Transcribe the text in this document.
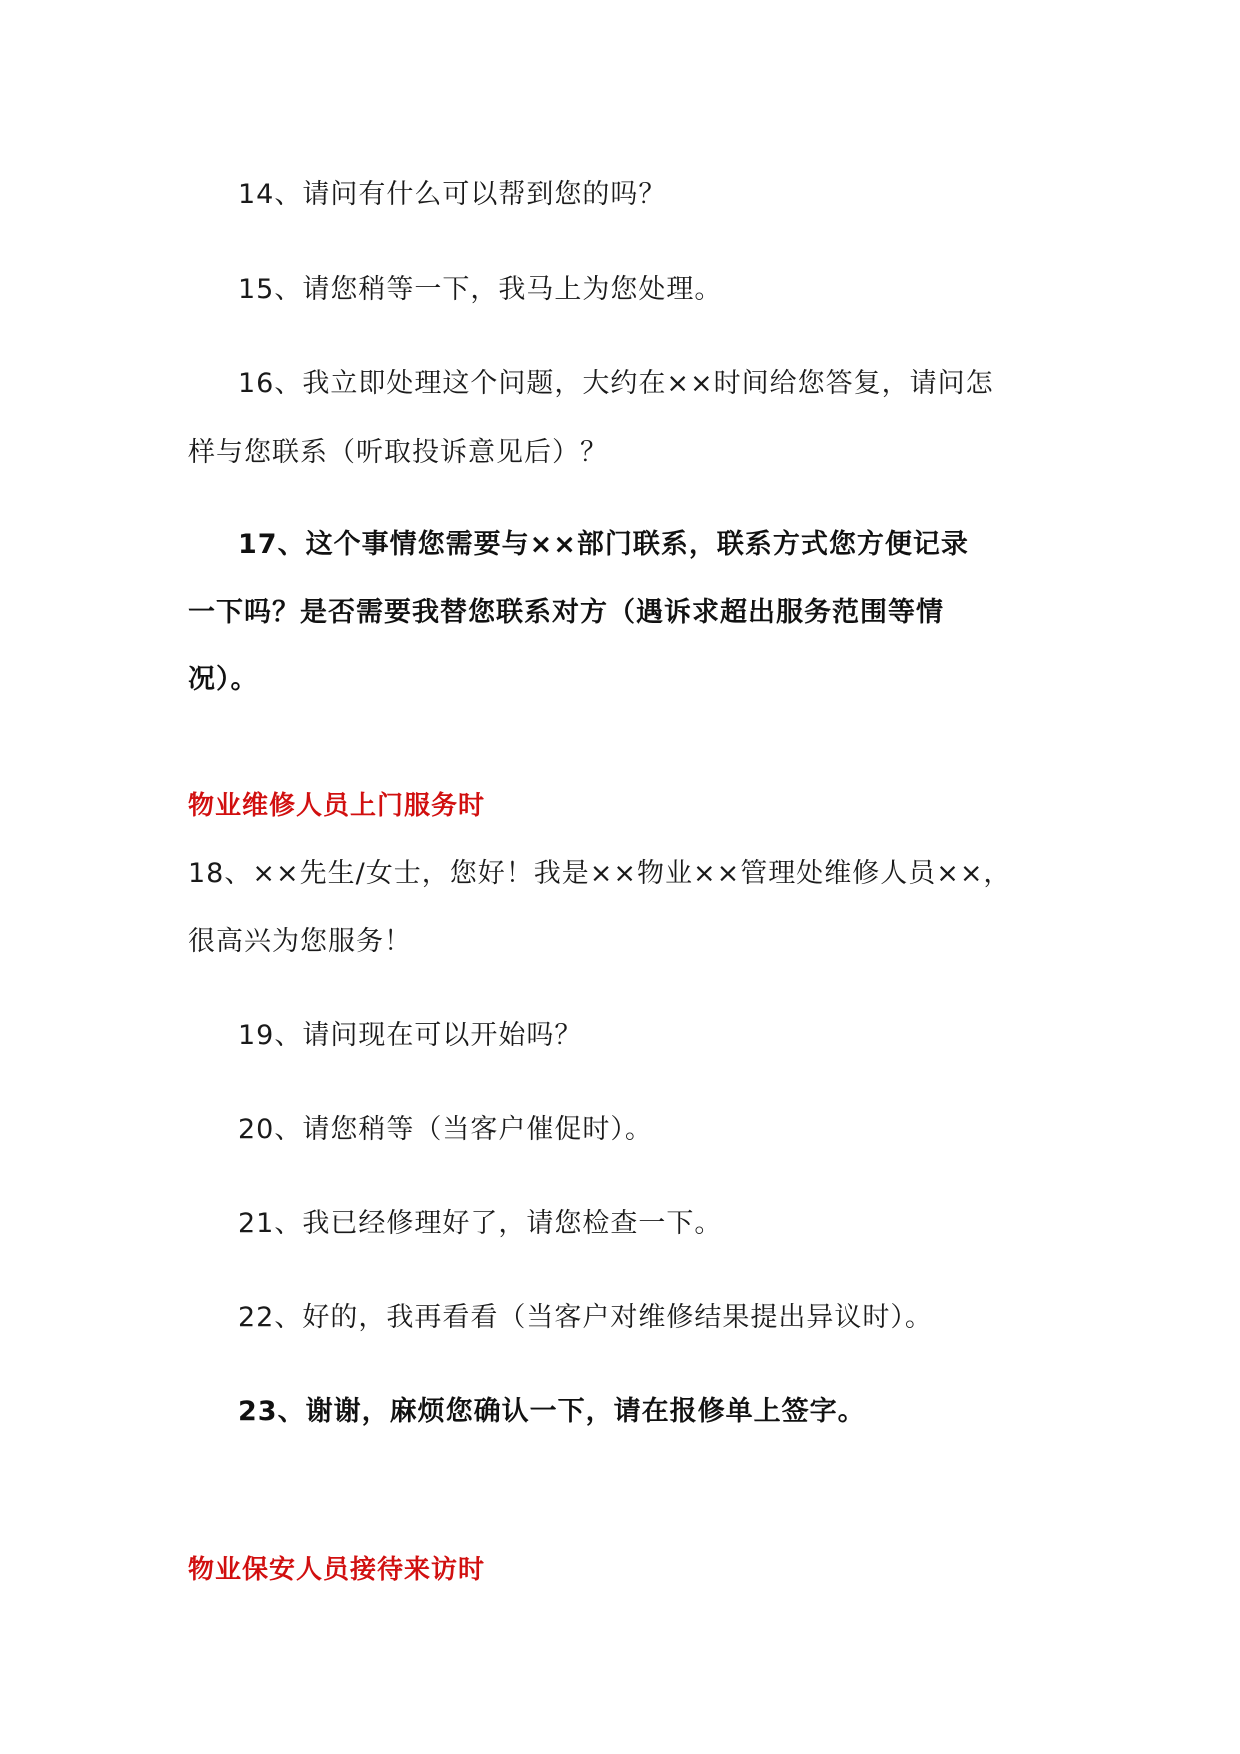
14、请问有什么可以帮到您的吗？
15、请您稍等一下，我马上为您处理。
16、我立即处理这个问题，大约在××时间给您答复，请问怎
样与您联系（听取投诉意见后）？
17、这个事情您需要与××部门联系，联系方式您方便记录
一下吗？是否需要我替您联系对方（遇诉求超出服务范围等情
况）。
物业维修人员上门服务时
18、××先生/女士，您好！我是××物业××管理处维修人员××，
很高兴为您服务！
19、请问现在可以开始吗？
20、请您稍等（当客户催促时）。
21、我已经修理好了，请您检查一下。
22、好的，我再看看（当客户对维修结果提出异议时）。
23、谢谢，麻烦您确认一下，请在报修单上签字。
物业保安人员接待来访时
